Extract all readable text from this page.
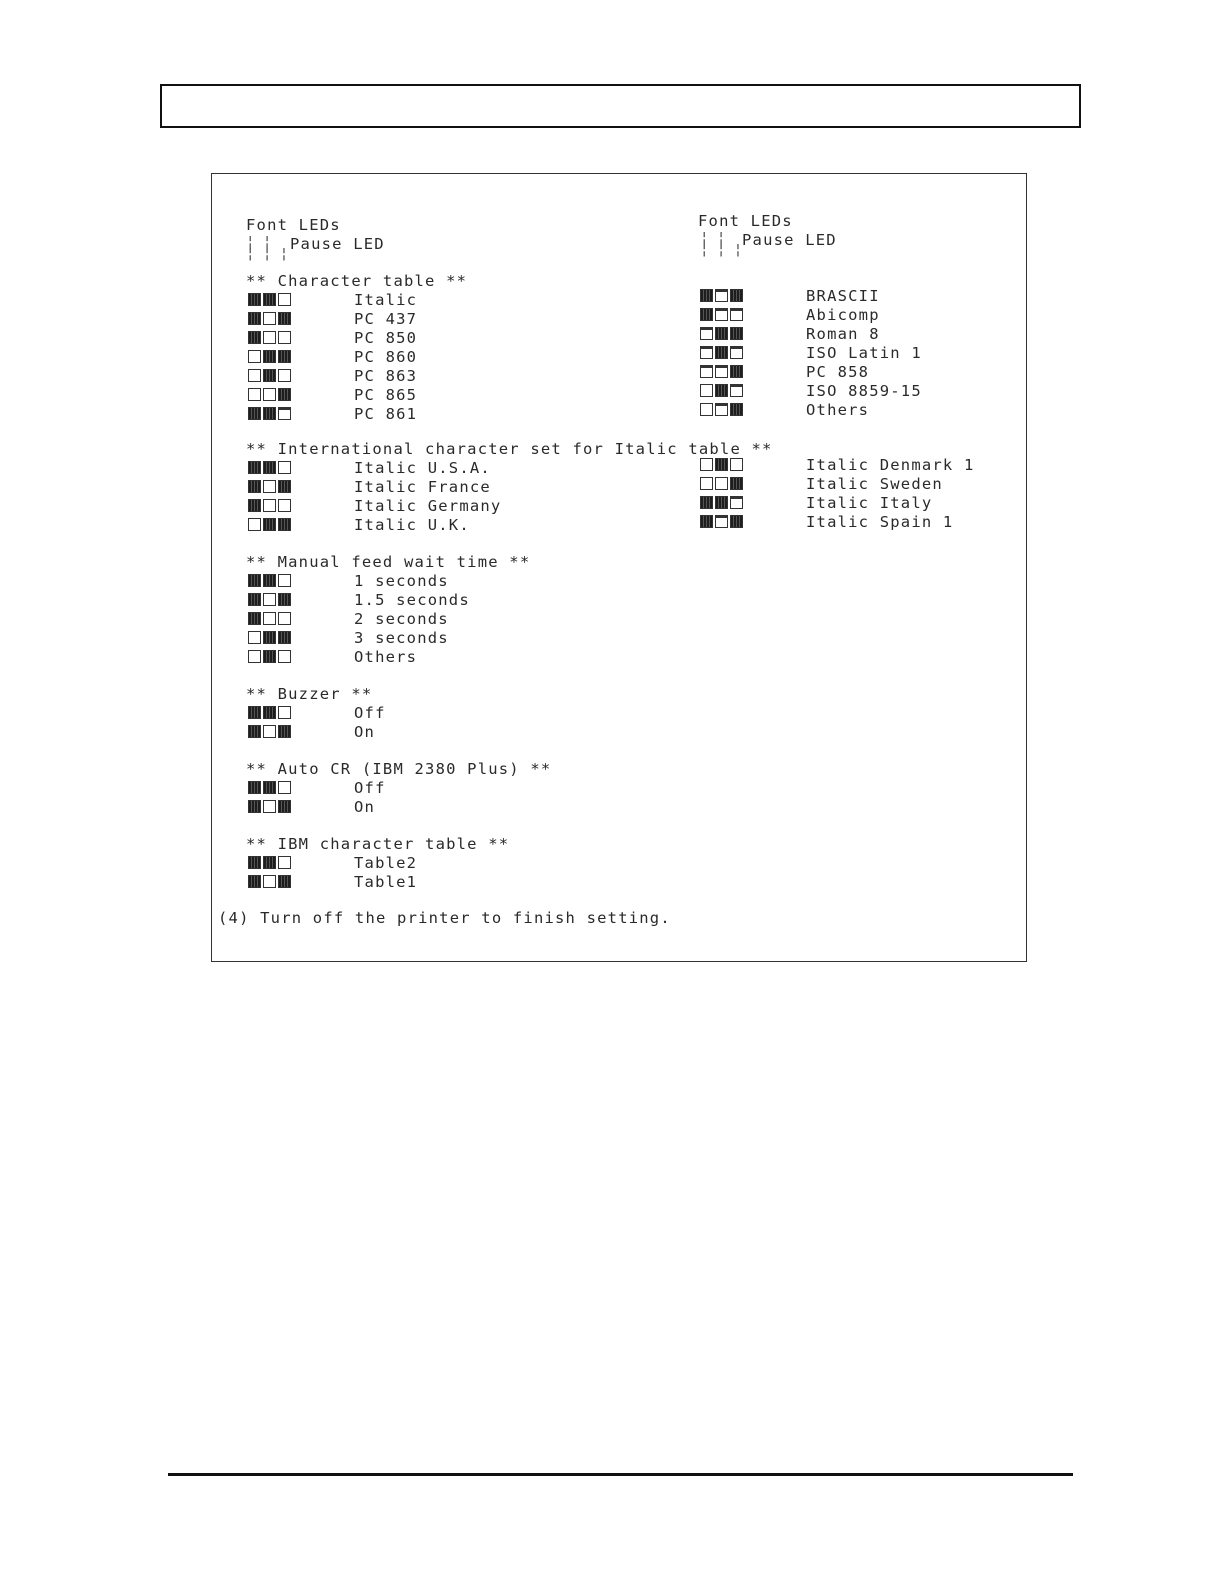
Font LEDs
¦ ¦
¦ ¦ ¦
Pause LED
Font LEDs
¦ ¦
¦ ¦ ¦
Pause LED
** Character table **
** International character set for Italic table **
** Manual feed wait time **
** Buzzer **
** Auto CR (IBM 2380 Plus) **
** IBM character table **
Italic
PC 437
PC 850
PC 860
PC 863
PC 865
PC 861
BRASCII
Abicomp
Roman 8
ISO Latin 1
PC 858
ISO 8859-15
Others
Italic U.S.A.
Italic France
Italic Germany
Italic U.K.
Italic Denmark 1
Italic Sweden
Italic Italy
Italic Spain 1
1 seconds
1.5 seconds
2 seconds
3 seconds
Others
Off
On
Off
On
Table2
Table1
(4) Turn off the printer to finish setting.
